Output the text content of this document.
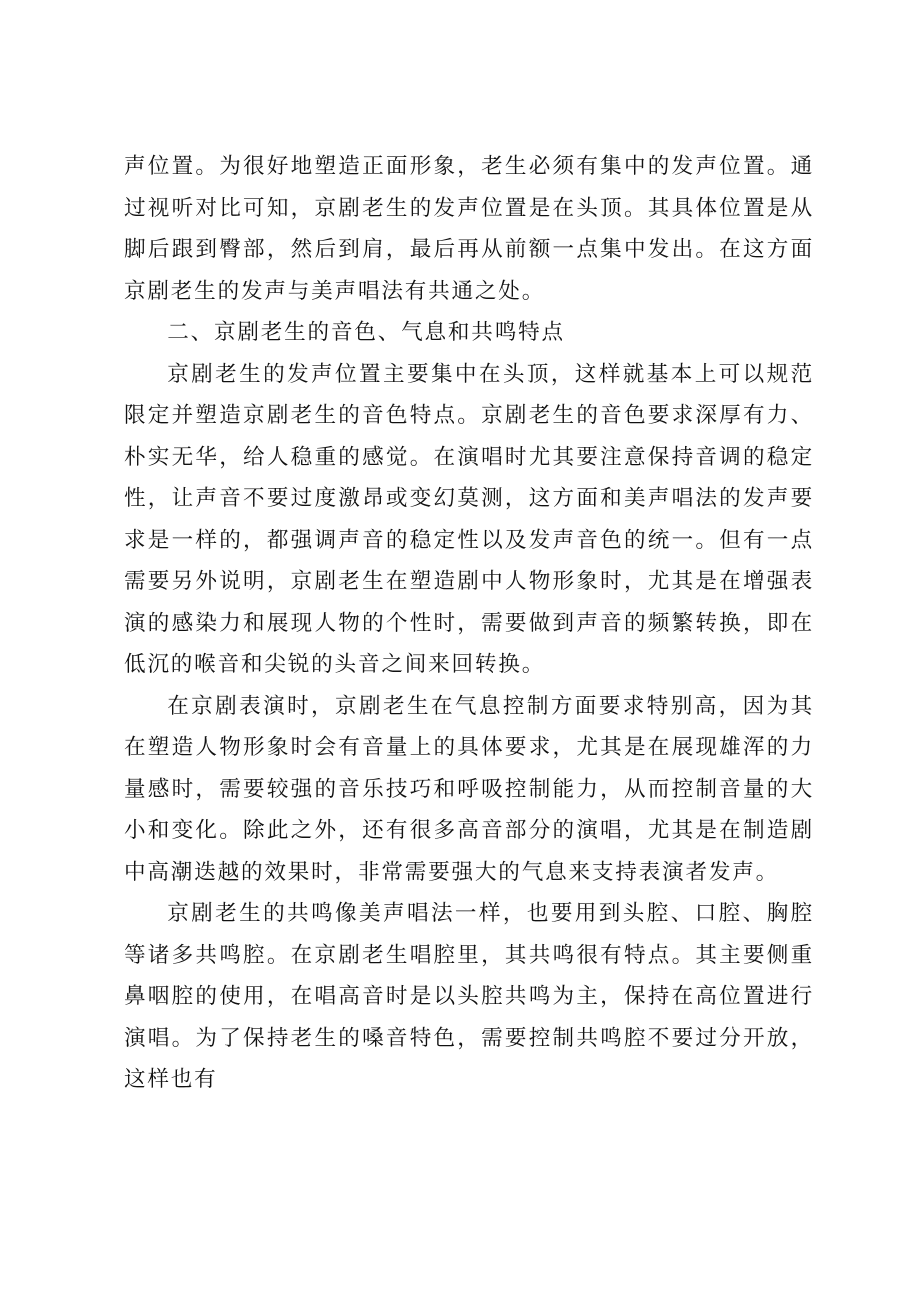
声位置。为很好地塑造正面形象，老生必须有集中的发声位置。通过视听对比可知，京剧老生的发声位置是在头顶。其具体位置是从脚后跟到臀部，然后到肩，最后再从前额一点集中发出。在这方面京剧老生的发声与美声唱法有共通之处。

二、京剧老生的音色、气息和共鸣特点

京剧老生的发声位置主要集中在头顶，这样就基本上可以规范限定并塑造京剧老生的音色特点。京剧老生的音色要求深厚有力、朴实无华，给人稳重的感觉。在演唱时尤其要注意保持音调的稳定性，让声音不要过度激昂或变幻莫测，这方面和美声唱法的发声要求是一样的，都强调声音的稳定性以及发声音色的统一。但有一点需要另外说明，京剧老生在塑造剧中人物形象时，尤其是在增强表演的感染力和展现人物的个性时，需要做到声音的频繁转换，即在低沉的喉音和尖锐的头音之间来回转换。

在京剧表演时，京剧老生在气息控制方面要求特别高，因为其在塑造人物形象时会有音量上的具体要求，尤其是在展现雄浑的力量感时，需要较强的音乐技巧和呼吸控制能力，从而控制音量的大小和变化。除此之外，还有很多高音部分的演唱，尤其是在制造剧中高潮迭越的效果时，非常需要强大的气息来支持表演者发声。

京剧老生的共鸣像美声唱法一样，也要用到头腔、口腔、胸腔等诸多共鸣腔。在京剧老生唱腔里，其共鸣很有特点。其主要侧重鼻咽腔的使用，在唱高音时是以头腔共鸣为主，保持在高位置进行演唱。为了保持老生的嗓音特色，需要控制共鸣腔不要过分开放，这样也有
